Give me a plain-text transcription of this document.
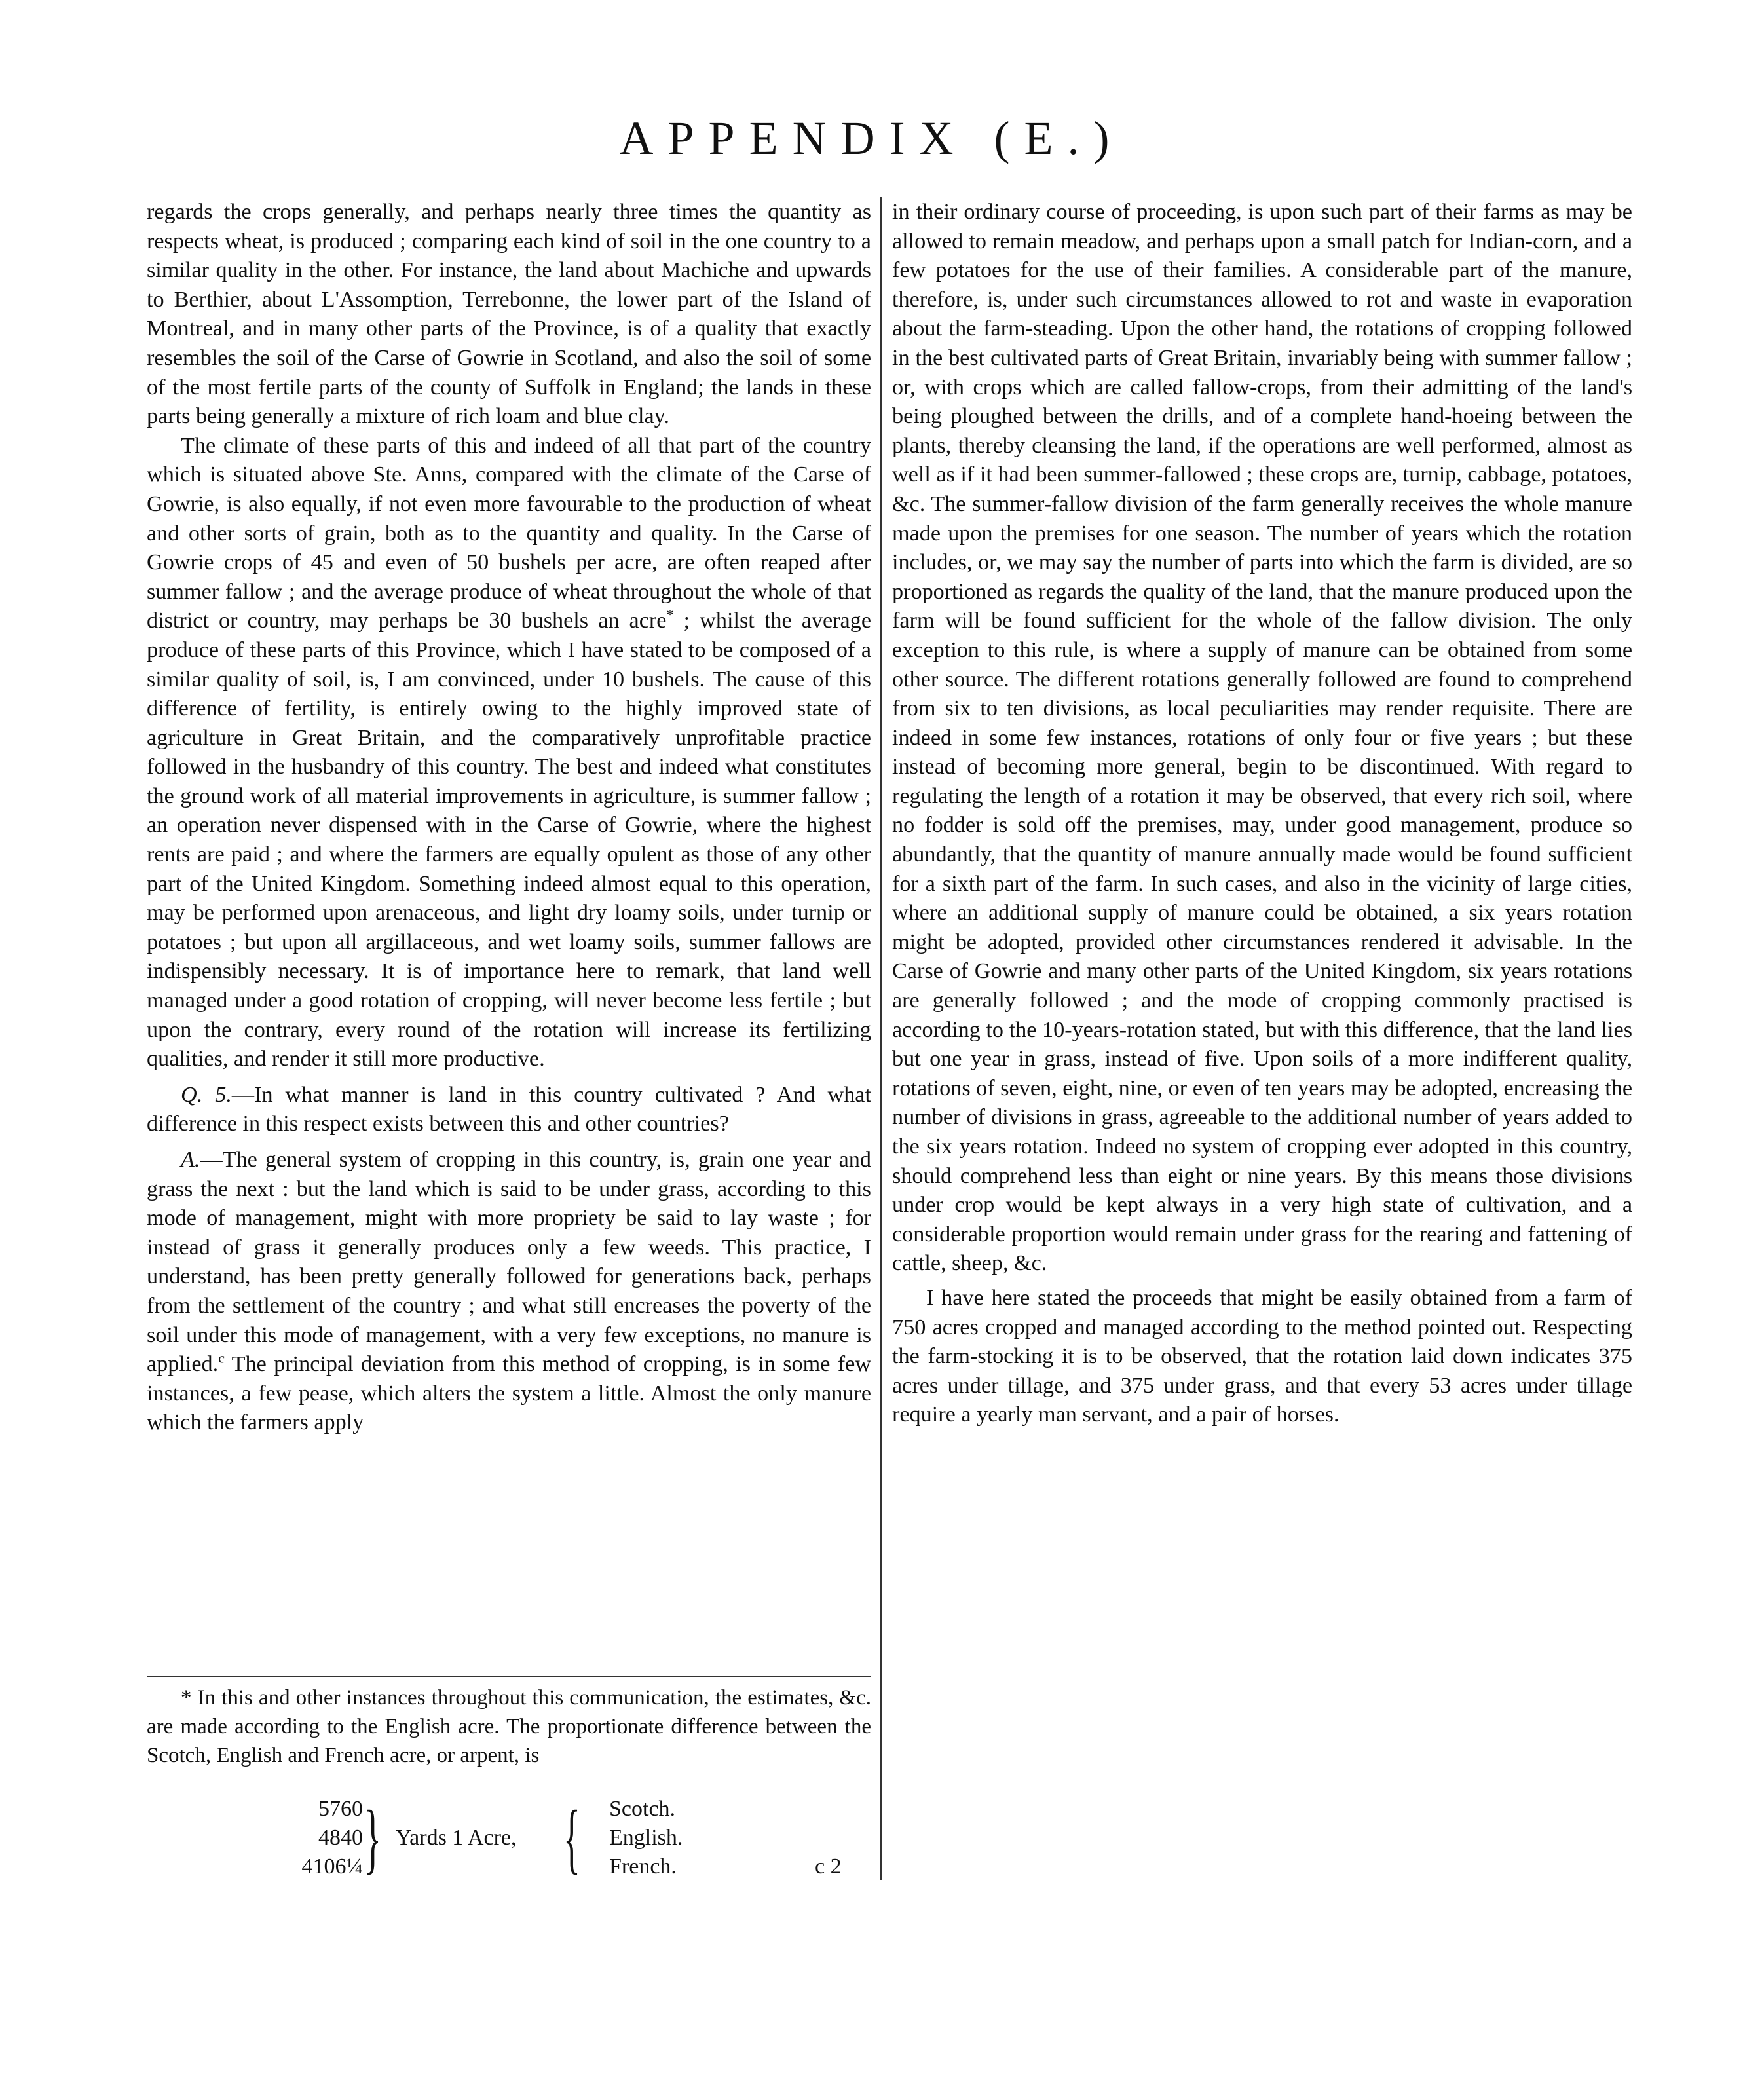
APPENDIX (E.)

regards the crops generally, and perhaps nearly three times the quantity as respects wheat, is produced ; comparing each kind of soil in the one country to a similar quality in the other. For instance, the land about Machiche and upwards to Berthier, about L'Assomption, Terrebonne, the lower part of the Island of Montreal, and in many other parts of the Province, is of a quality that exactly resembles the soil of the Carse of Gowrie in Scotland, and also the soil of some of the most fertile parts of the county of Suffolk in England; the lands in these parts being generally a mixture of rich loam and blue clay.

The climate of these parts of this and indeed of all that part of the country which is situated above Ste. Anns, compared with the climate of the Carse of Gowrie, is also equally, if not even more favourable to the production of wheat and other sorts of grain, both as to the quantity and quality. In the Carse of Gowrie crops of 45 and even of 50 bushels per acre, are often reaped after summer fallow ; and the average produce of wheat throughout the whole of that district or country, may perhaps be 30 bushels an acre* ; whilst the average produce of these parts of this Province, which I have stated to be composed of a similar quality of soil, is, I am convinced, under 10 bushels. The cause of this difference of fertility, is entirely owing to the highly improved state of agriculture in Great Britain, and the comparatively unprofitable practice followed in the husbandry of this country. The best and indeed what constitutes the ground work of all material improvements in agriculture, is summer fallow ; an operation never dispensed with in the Carse of Gowrie, where the highest rents are paid ; and where the farmers are equally opulent as those of any other part of the United Kingdom. Something indeed almost equal to this operation, may be performed upon arenaceous, and light dry loamy soils, under turnip or potatoes ; but upon all argillaceous, and wet loamy soils, summer fallows are indispensibly necessary. It is of importance here to remark, that land well managed under a good rotation of cropping, will never become less fertile ; but upon the contrary, every round of the rotation will increase its fertilizing qualities, and render it still more productive.

Q. 5.—In what manner is land in this country cultivated ? And what difference in this respect exists between this and other countries?

A.—The general system of cropping in this country, is, grain one year and grass the next : but the land which is said to be under grass, according to this mode of management, might with more propriety be said to lay waste ; for instead of grass it generally produces only a few weeds. This practice, I understand, has been pretty generally followed for generations back, perhaps from the settlement of the country ; and what still encreases the poverty of the soil under this mode of management, with a very few exceptions, no manure is applied.$^c$ The principal deviation from this method of cropping, is in some few instances, a few pease, which alters the system a little. Almost the only manure which the farmers apply

in their ordinary course of proceeding, is upon such part of their farms as may be allowed to remain meadow, and perhaps upon a small patch for Indian-corn, and a few potatoes for the use of their families. A considerable part of the manure, therefore, is, under such circumstances allowed to rot and waste in evaporation about the farm-steading. Upon the other hand, the rotations of cropping followed in the best cultivated parts of Great Britain, invariably being with summer fallow ; or, with crops which are called fallow-crops, from their admitting of the land's being ploughed between the drills, and of a complete hand-hoeing between the plants, thereby cleansing the land, if the operations are well performed, almost as well as if it had been summer-fallowed ; these crops are, turnip, cabbage, potatoes, &c. The summer-fallow division of the farm generally receives the whole manure made upon the premises for one season. The number of years which the rotation includes, or, we may say the number of parts into which the farm is divided, are so proportioned as regards the quality of the land, that the manure produced upon the farm will be found sufficient for the whole of the fallow division. The only exception to this rule, is where a supply of manure can be obtained from some other source. The different rotations generally followed are found to comprehend from six to ten divisions, as local peculiarities may render requisite. There are indeed in some few instances, rotations of only four or five years ; but these instead of becoming more general, begin to be discontinued. With regard to regulating the length of a rotation it may be observed, that every rich soil, where no fodder is sold off the premises, may, under good management, produce so abundantly, that the quantity of manure annually made would be found sufficient for a sixth part of the farm. In such cases, and also in the vicinity of large cities, where an additional supply of manure could be obtained, a six years rotation might be adopted, provided other circumstances rendered it advisable. In the Carse of Gowrie and many other parts of the United Kingdom, six years rotations are generally followed ; and the mode of cropping commonly practised is according to the 10-years-rotation stated, but with this difference, that the land lies but one year in grass, instead of five. Upon soils of a more indifferent quality, rotations of seven, eight, nine, or even of ten years may be adopted, encreasing the number of divisions in grass, agreeable to the additional number of years added to the six years rotation. Indeed no system of cropping ever adopted in this country, should comprehend less than eight or nine years. By this means those divisions under crop would be kept always in a very high state of cultivation, and a considerable proportion would remain under grass for the rearing and fattening of cattle, sheep, &c.

I have here stated the proceeds that might be easily obtained from a farm of 750 acres cropped and managed according to the method pointed out. Respecting the farm-stocking it is to be observed, that the rotation laid down indicates 375 acres under tillage, and 375 under grass, and that every 53 acres under tillage require a yearly man servant, and a pair of horses.

* In this and other instances throughout this communication, the estimates, &c. are made according to the English acre. The proportionate difference between the Scotch, English and French acre, or arpent, is

5760
4840
4106¼ } Yards 1 Acre, { Scotch.
English.
French.	c 2
